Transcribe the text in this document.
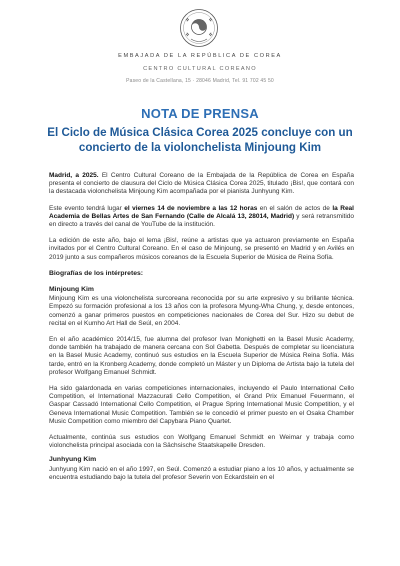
EMBAJADA DE LA REPÚBLICA DE COREA
CENTRO CULTURAL COREANO
Paseo de la Castellana, 15 · 28046 Madrid, Tel. 91 702 45 50
NOTA DE PRENSA
El Ciclo de Música Clásica Corea 2025 concluye con un concierto de la violonchelista Minjoung Kim

Madrid, a 2025. El Centro Cultural Coreano de la Embajada de la República de Corea en España presenta el concierto de clausura del Ciclo de Música Clásica Corea 2025, titulado ¡Bis!, que contará con la destacada violonchelista Minjoung Kim acompañada por el pianista Junhyung Kim.

Este evento tendrá lugar el viernes 14 de noviembre a las 12 horas en el salón de actos de la Real Academia de Bellas Artes de San Fernando (Calle de Alcalá 13, 28014, Madrid) y será retransmitido en directo a través del canal de YouTube de la institución.

La edición de este año, bajo el lema ¡Bis!, reúne a artistas que ya actuaron previamente en España invitados por el Centro Cultural Coreano. En el caso de Minjoung, se presentó en Madrid y en Avilés en 2019 junto a sus compañeros músicos coreanos de la Escuela Superior de Música de Reina Sofía.

Biografías de los intérpretes:
Minjoung Kim

Minjoung Kim es una violonchelista surcoreana reconocida por su arte expresivo y su brillante técnica. Empezó su formación profesional a los 13 años con la profesora Myung-Wha Chung, y, desde entonces, comenzó a ganar primeros puestos en competiciones nacionales de Corea del Sur. Hizo su debut de recital en el Kumho Art Hall de Seúl, en 2004.

En el año académico 2014/15, fue alumna del profesor Ivan Monighetti en la Basel Music Academy, donde también ha trabajado de manera cercana con Sol Gabetta. Después de completar su licenciatura en la Basel Music Academy, continuó sus estudios en la Escuela Superior de Música Reina Sofía. Más tarde, entró en la Kronberg Academy, donde completó un Máster y un Diploma de Artista bajo la tutela del profesor Wolfgang Emanuel Schmidt.

Ha sido galardonada en varias competiciones internacionales, incluyendo el Paulo International Cello Competition, el International Mazzacurati Cello Competition, el Grand Prix Emanuel Feuermann, el Gaspar Cassadó International Cello Competition, el Prague Spring International Music Competition, y el Geneva International Music Competition. También se le concedió el primer puesto en el Osaka Chamber Music Competition como miembro del Capybara Piano Quartet.

Actualmente, continúa sus estudios con Wolfgang Emanuel Schmidt en Weimar y trabaja como violonchelista principal asociada con la Sächsische Staatskapelle Dresden.

Junhyung Kim

Junhyung Kim nació en el año 1997, en Seúl. Comenzó a estudiar piano a los 10 años, y actualmente se encuentra estudiando bajo la tutela del profesor Severin von Eckardstein en el
